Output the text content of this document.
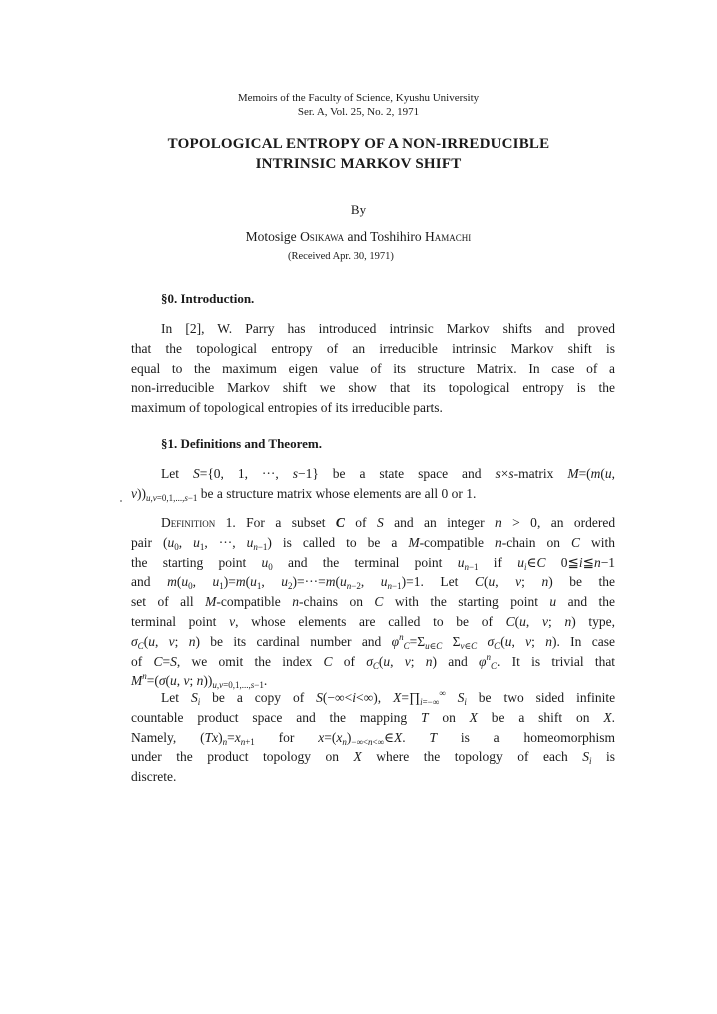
Memoirs of the Faculty of Science, Kyushu University
Ser. A, Vol. 25, No. 2, 1971

TOPOLOGICAL ENTROPY OF A NON-IRREDUCIBLE
INTRINSIC MARKOV SHIFT

By

Motosige Osikawa and Toshihiro Hamachi

(Received Apr. 30, 1971)

§0. Introduction.
In [2], W. Parry has introduced intrinsic Markov shifts and proved
that the topological entropy of an irreducible intrinsic Markov shift is
equal to the maximum eigen value of its structure Matrix. In case of a
non-irreducible Markov shift we show that its topological entropy is the
maximum of topological entropies of its irreducible parts.
§1. Definitions and Theorem.
Let S={0, 1, ···, s−1} be a state space and s×s-matrix M=(m(u,
$v))_{u,v=0,1,...,s-1}$ be a structure matrix whose elements are all 0 or 1.
Definition 1. For a subset C of S and an integer n > 0, an ordered
pair ($u_0$, $u_1$, ···, $u_{n-1}$) is called to be a M-compatible n-chain on C with
the starting point $u_0$ and the terminal point $u_{n-1}$ if $u_i\in C$ 0≦i≦n−1
and $m(u_0$, $u_1)=m(u_1$, $u_2)=\cdot\cdot\cdot=m(u_{n-2}$, $u_{n-1})=1$. Let C(u, v; n) be the
set of all M-compatible n-chains on C with the starting point u and the
terminal point v, whose elements are called to be of C(u, v; n) type,
$\sigma_C(u$, v; n) be its cardinal number and $\varphi^n_C=\Sigma_{u\in C}$ $\Sigma_{v\in C}$ $\sigma_C(u$, v; n). In case
of C=S, we omit the index C of $\sigma_C(u$, v; n) and $\varphi^n_C$. It is trivial that
$M^n=(\sigma(u$, v; $n))_{u,v=0,1,...,s-1}$.
Let $S_i$ be a copy of S(−∞<i<∞), $X=\prod_{i=-\infty}^\infty$ $S_i$ be two sided infinite
countable product space and the mapping T on X be a shift on X.
Namely, $(Tx)_n=x_{n+1}$ for $x=(x_n)_{-\infty<n<\infty}\in X$. T is a homeomorphism
under the product topology on X where the topology of each $S_i$ is
discrete.
